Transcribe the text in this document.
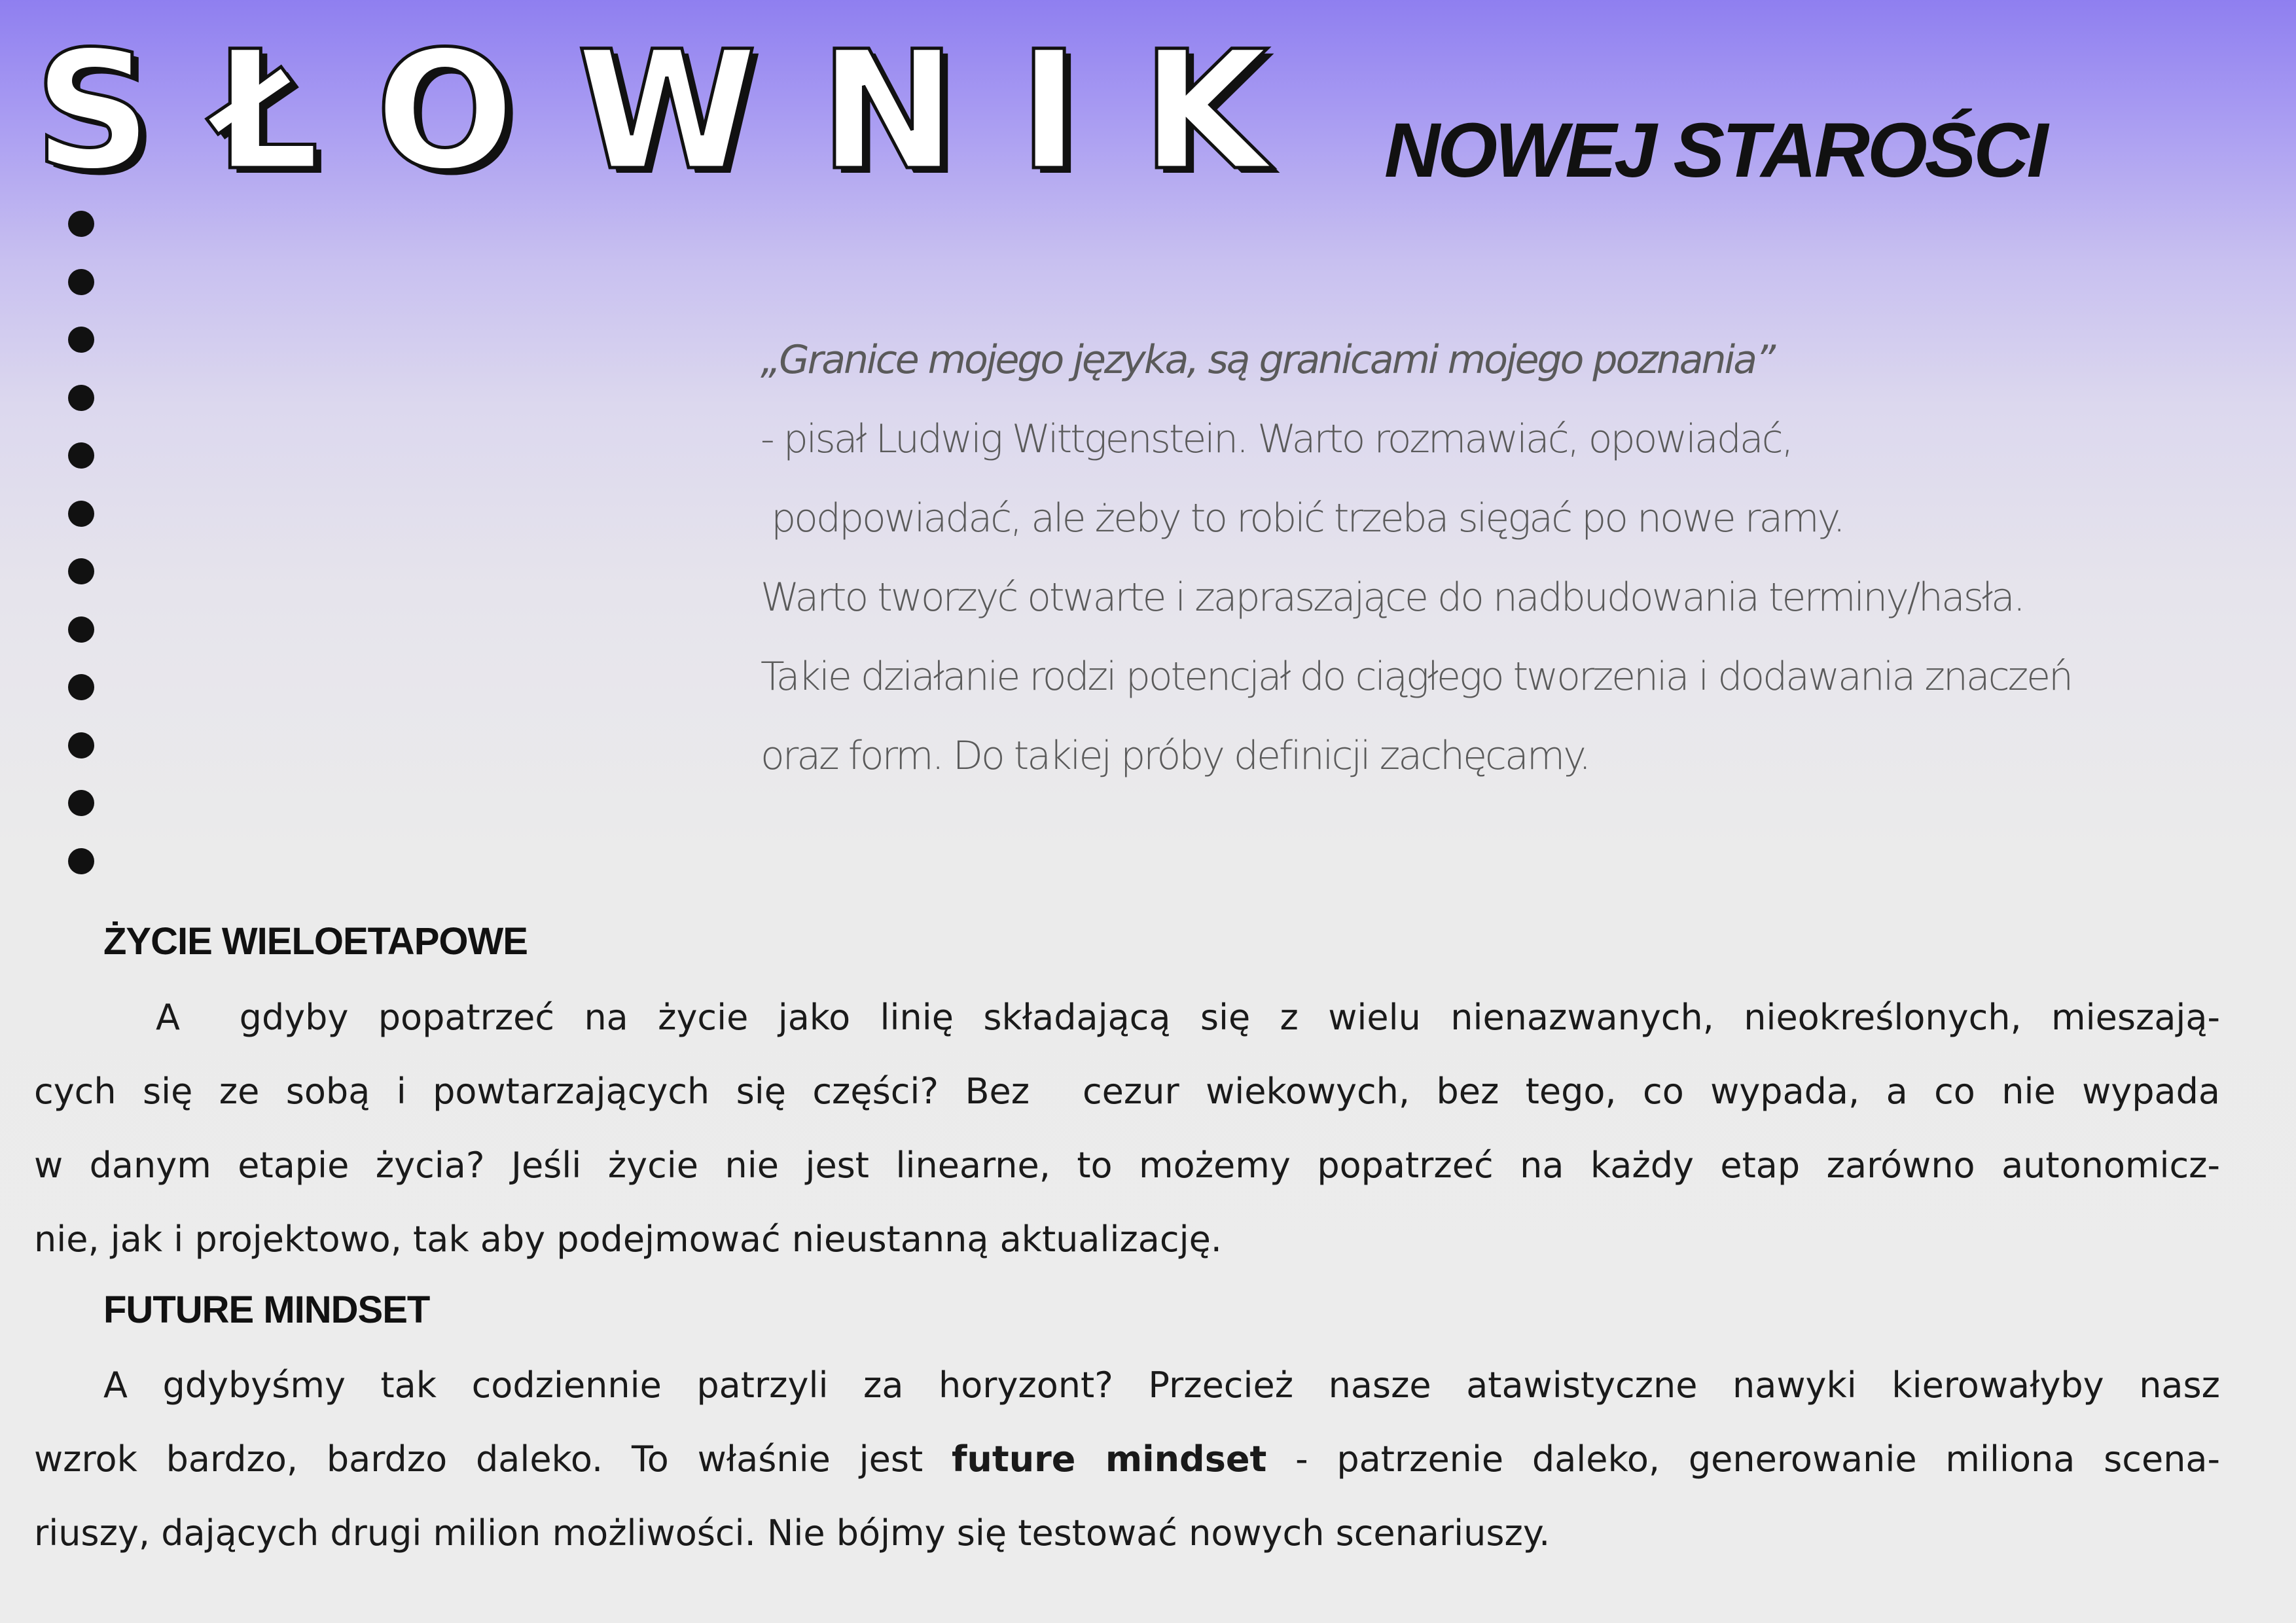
SŁOWNIK NOWEJ STAROŚCI
„Granice mojego języka, są granicami mojego poznania”
- pisał Ludwig Wittgenstein. Warto rozmawiać, opowiadać,
podpowiadać, ale żeby to robić trzeba sięgać po nowe ramy.
Warto tworzyć otwarte i zapraszające do nadbudowania terminy/hasła.
Takie działanie rodzi potencjał do ciągłego tworzenia i dodawania znaczeń
oraz form. Do takiej próby definicji zachęcamy.
ŻYCIE WIELOETAPOWE
A  gdyby popatrzeć na życie jako linię składającą się z wielu nienazwanych, nieokreślonych, mieszają-
cych się ze sobą i powtarzających się części? Bez  cezur wiekowych, bez tego, co wypada, a co nie wypada
w danym etapie życia? Jeśli życie nie jest linearne, to możemy popatrzeć na każdy etap zarówno autonomicz-
nie, jak i projektowo, tak aby podejmować nieustanną aktualizację.
FUTURE MINDSET
A gdybyśmy tak codziennie patrzyli za horyzont? Przecież nasze atawistyczne nawyki kierowałyby nasz
wzrok bardzo, bardzo daleko. To właśnie jest future mindset - patrzenie daleko, generowanie miliona scena-
riuszy, dających drugi milion możliwości. Nie bójmy się testować nowych scenariuszy.
